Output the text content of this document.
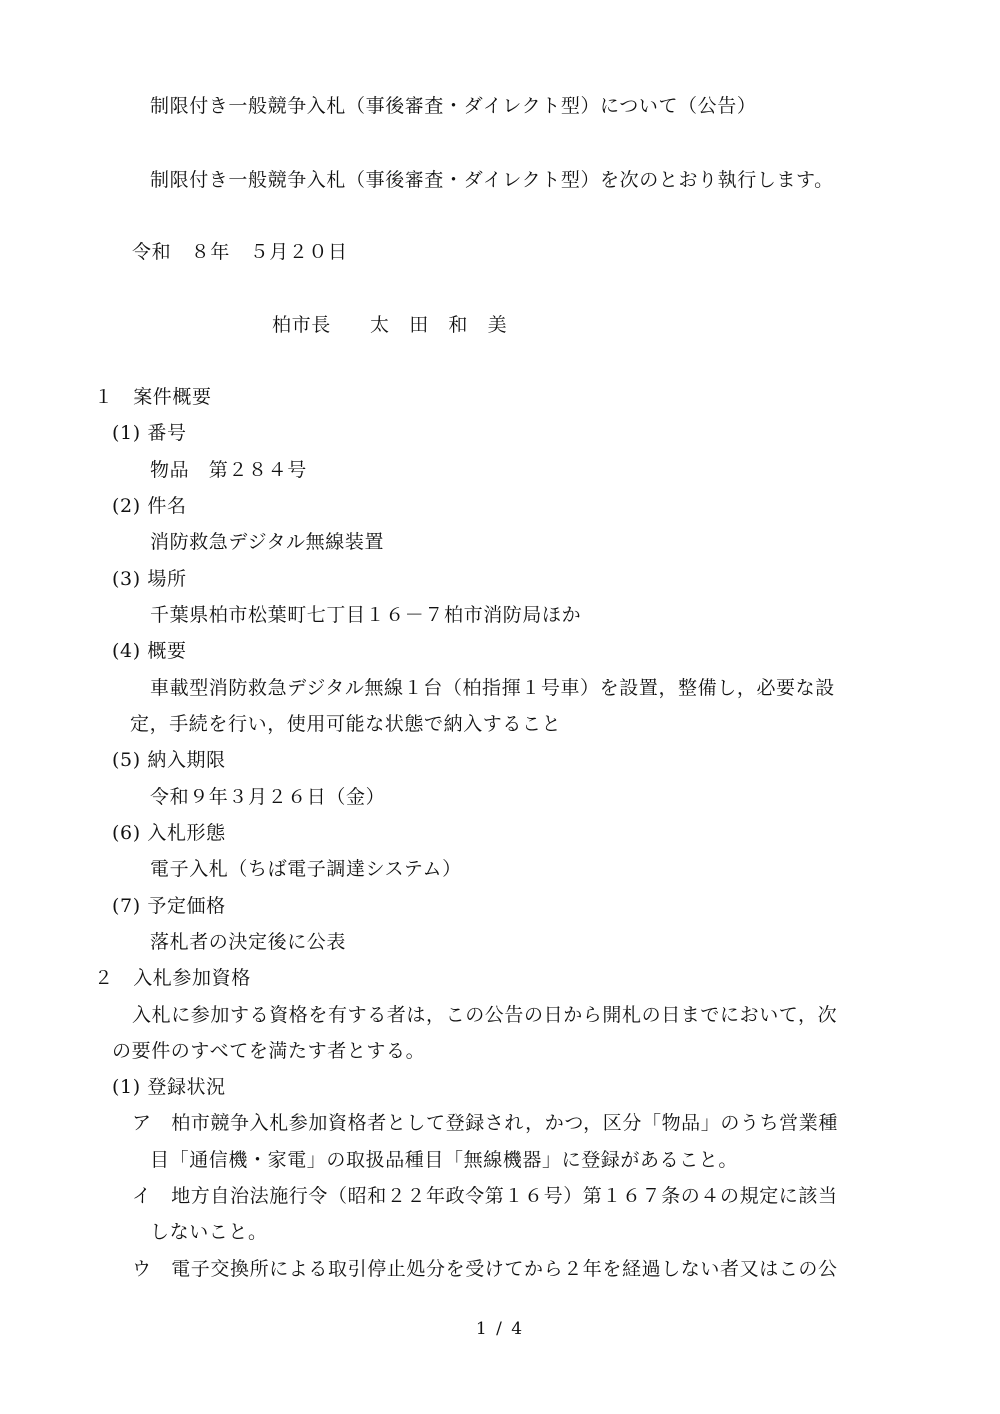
制限付き一般競争入札（事後審査・ダイレクト型）について（公告）
制限付き一般競争入札（事後審査・ダイレクト型）を次のとおり執行します。
令和　８年　５月２０日
柏市長　　太　田　和　美
１　案件概要
(1) 番号
物品　第２８４号
(2) 件名
消防救急デジタル無線装置
(3) 場所
千葉県柏市松葉町七丁目１６－７柏市消防局ほか
(4) 概要
車載型消防救急デジタル無線１台（柏指揮１号車）を設置，整備し，必要な設
定，手続を行い，使用可能な状態で納入すること
(5) 納入期限
令和９年３月２６日（金）
(6) 入札形態
電子入札（ちば電子調達システム）
(7) 予定価格
落札者の決定後に公表
２　入札参加資格
入札に参加する資格を有する者は，この公告の日から開札の日までにおいて，次
の要件のすべてを満たす者とする。
(1) 登録状況
ア　柏市競争入札参加資格者として登録され，かつ，区分「物品」のうち営業種
目「通信機・家電」の取扱品種目「無線機器」に登録があること。
イ　地方自治法施行令（昭和２２年政令第１６号）第１６７条の４の規定に該当
しないこと。
ウ　電子交換所による取引停止処分を受けてから２年を経過しない者又はこの公
1 / 4
